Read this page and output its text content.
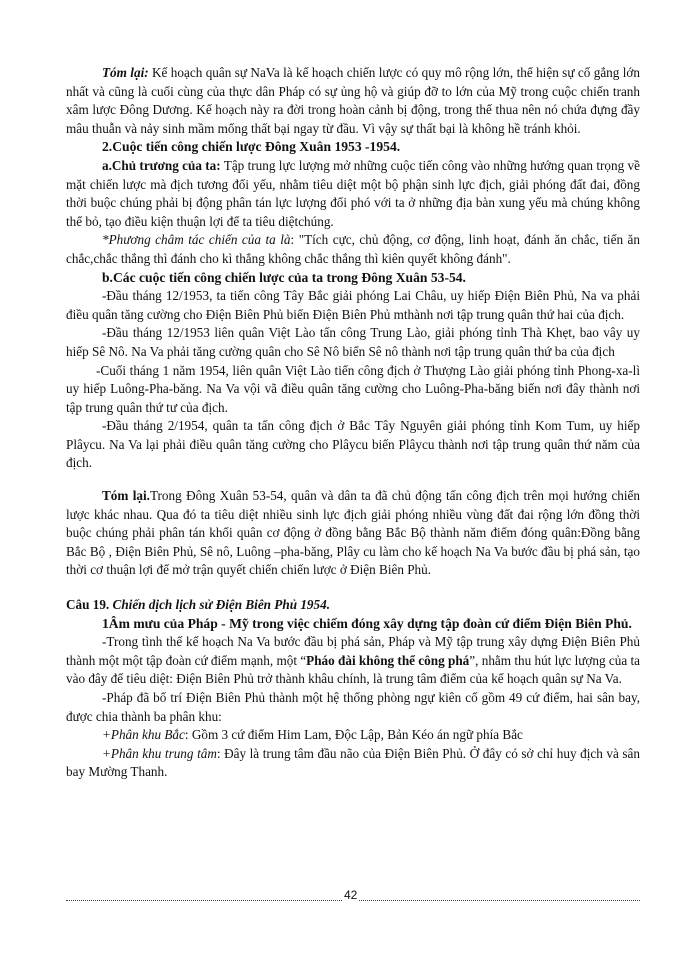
Tóm lại: Kế hoạch quân sự NaVa là kế hoạch chiến lược có quy mô rộng lớn, thể hiện sự cố gắng lớn nhất và cũng là cuối cùng của thực dân Pháp có sự ủng hộ và giúp đỡ to lớn của Mỹ trong cuộc chiến tranh xâm lược Đông Dương. Kế hoạch này ra đời trong hoàn cảnh bị động, trong thế thua nên nó chứa đựng đầy mâu thuẫn và nảy sinh mầm mống thất bại ngay từ đầu. Vì vậy sự thất bại là không hề tránh khỏi.

2.Cuộc tiến công chiến lược Đông Xuân 1953 -1954.

a.Chủ trương của ta: Tập trung lực lượng mở những cuộc tiến công vào những hướng quan trọng về mặt chiến lược mà địch tương đối yếu, nhằm tiêu diệt một bộ phận sinh lực địch, giải phóng đất đai, đồng thời buộc chúng phải bị động phân tán lực lượng đối phó với ta ở những địa bàn xung yếu mà chúng không thể bỏ, tạo điều kiện thuận lợi để ta tiêu diệtchúng.

*Phương châm tác chiến của ta là: "Tích cực, chủ động, cơ động, linh hoạt, đánh ăn chắc, tiến ăn chắc,chắc thắng thì đánh cho kì thắng không chắc thắng thì kiên quyết không đánh".

b.Các cuộc tiến công chiến lược của ta trong Đông Xuân 53-54.

-Đầu tháng 12/1953, ta tiến công Tây Bắc giải phóng Lai Châu, uy hiếp Điện Biên Phủ, Na va phải điều quân tăng cường cho Điện Biên Phủ biến Điện Biên Phủ mthành nơi tập trung quân thứ hai của địch.

-Đầu tháng 12/1953 liên quân Việt Lào tấn công Trung Lào, giải phóng tỉnh Thà Khẹt, bao vây uy hiếp Sê Nô. Na Va phải tăng cường quân cho Sê Nô biến Sê nô thành nơi tập trung quân thứ ba của địch

-Cuối tháng 1 năm 1954, liên quân Việt Lào tiến công địch ở Thượng Lào giải phóng tỉnh Phong-xa-lì uy hiếp Luông-Pha-băng. Na Va vội vã điều quân tăng cường cho Luông-Pha-băng biến nơi đây thành nơi tập trung quân thứ tư của địch.

-Đầu tháng 2/1954, quân ta tấn công địch ở Bắc Tây Nguyên giải phóng tỉnh Kom Tum, uy hiếp Plâycu. Na Va lại phải điều quân tăng cường cho Plâycu biến Plâycu thành nơi tập trung quân thứ năm của địch.

Tóm lại.Trong Đông Xuân 53-54, quân và dân ta đã chủ động tấn công địch trên mọi hướng chiến lược khác nhau. Qua đó ta tiêu diệt nhiều sinh lực địch giải phóng nhiều vùng đất đai rộng lớn đồng thời buộc chúng phải phân tán khối quân cơ động ở đồng bằng Bắc Bộ thành năm điểm đóng quân:Đồng bằng Bắc Bộ , Điện Biên Phủ, Sê nô, Luông –pha-băng, Plây cu làm cho kế hoạch Na Va bước đầu bị phá sản, tạo thời cơ thuận lợi để mở trận quyết chiến chiến lược ở Điện Biên Phủ.

Câu 19. Chiến dịch lịch sử Điện Biên Phủ 1954.

1Âm mưu của Pháp - Mỹ trong việc chiếm đóng xây dựng tập đoàn cứ điểm Điện Biên Phủ.

-Trong tình thế kế hoạch Na Va bước đầu bị phá sản, Pháp và Mỹ tập trung xây dựng Điện Biên Phủ thành một một tập đoàn cứ điểm mạnh, một “Pháo đài không thể công phá”, nhằm thu hút lực lượng của ta vào đây để tiêu diệt: Điện Biên Phủ trở thành khâu chính, là trung tâm điểm của kế hoạch quân sự Na Va.

-Pháp đã bố trí Điện Biên Phủ thành một hệ thống phòng ngự kiên cố gồm 49 cứ điểm, hai sân bay, được chia thành ba phân khu:

+Phân khu Bắc: Gồm 3 cứ điểm Him Lam, Độc Lập, Bản Kéo án ngữ phía Bắc

+Phân khu trung tâm: Đây là trung tâm đầu não của Điện Biên Phủ. Ở đây có sở chỉ huy địch và sân bay Mường Thanh.

42
